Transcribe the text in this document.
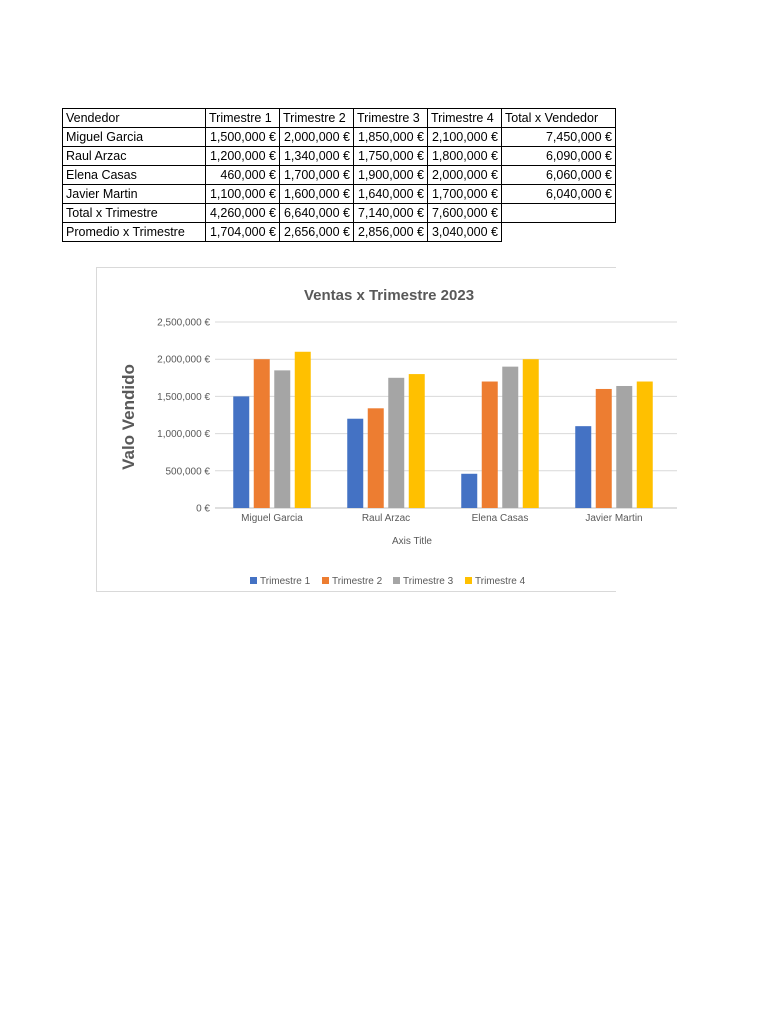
Vendedor	Trimestre 1	Trimestre 2	Trimestre 3	Trimestre 4	Total x Vendedor
Miguel Garcia	1,500,000 €	2,000,000 €	1,850,000 €	2,100,000 €	7,450,000 €
Raul Arzac	1,200,000 €	1,340,000 €	1,750,000 €	1,800,000 €	6,090,000 €
Elena Casas	460,000 €	1,700,000 €	1,900,000 €	2,000,000 €	6,060,000 €
Javier Martin	1,100,000 €	1,600,000 €	1,640,000 €	1,700,000 €	6,040,000 €
Total x Trimestre	4,260,000 €	6,640,000 €	7,140,000 €	7,600,000 €	
Promedio x Trimestre	1,704,000 €	2,656,000 €	2,856,000 €	3,040,000 €	
Ventas x Trimestre 2023
0 €
500,000 €
1,000,000 €
1,500,000 €
2,000,000 €
2,500,000 €
Valo Vendido
Miguel Garcia	Raul Arzac	Elena Casas	Javier Martin
Axis Title
Trimestre 1 Trimestre 2 Trimestre 3 Trimestre 4
